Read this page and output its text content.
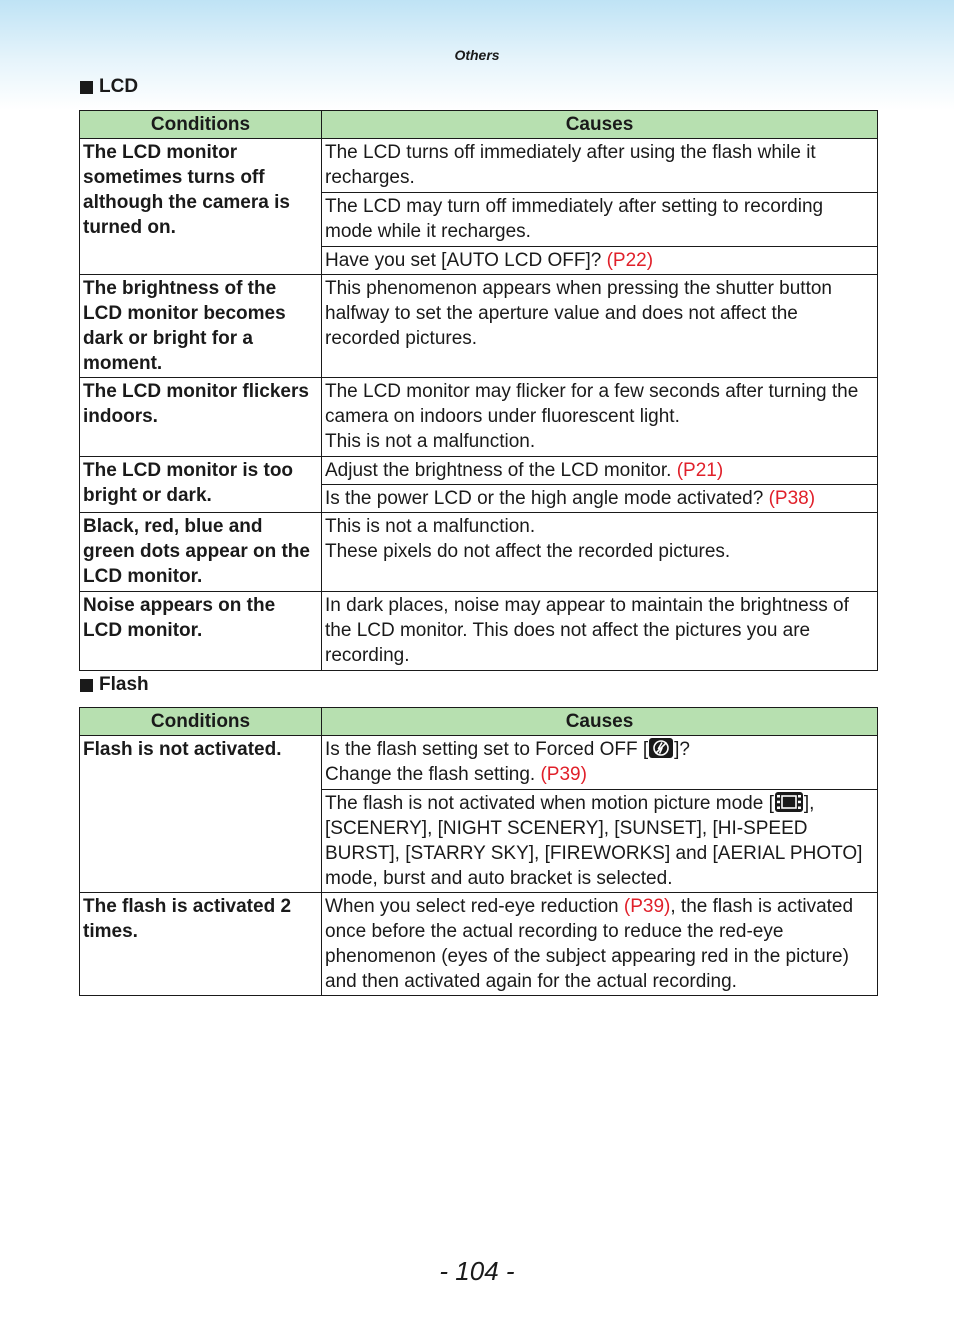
Others
LCD
Conditions	Causes
The LCD monitor sometimes turns off although the camera is turned on.	The LCD turns off immediately after using the flash while it recharges.
	The LCD may turn off immediately after setting to recording mode while it recharges.
	Have you set [AUTO LCD OFF]? (P22)
The brightness of the LCD monitor becomes dark or bright for a moment.	This phenomenon appears when pressing the shutter button halfway to set the aperture value and does not affect the recorded pictures.
The LCD monitor flickers indoors.	The LCD monitor may flicker for a few seconds after turning the camera on indoors under fluorescent light.
This is not a malfunction.

The LCD monitor is too bright or dark.	Adjust the brightness of the LCD monitor. (P21)
	Is the power LCD or the high angle mode activated? (P38)
Black, red, blue and green dots appear on the LCD monitor.	This is not a malfunction.
These pixels do not affect the recorded pictures.

Noise appears on the LCD monitor.	In dark places, noise may appear to maintain the brightness of the LCD monitor. This does not affect the pictures you are recording.
Flash
Conditions	Causes
Flash is not activated.	Is the flash setting set to Forced OFF [ ]?
Change the flash setting. (P39)

	The flash is not activated when motion picture mode [ ], [SCENERY], [NIGHT SCENERY], [SUNSET], [HI-SPEED BURST], [STARRY SKY], [FIREWORKS] and [AERIAL PHOTO] mode, burst and auto bracket is selected.
The flash is activated 2 times.	When you select red-eye reduction (P39), the flash is activated once before the actual recording to reduce the red-eye phenomenon (eyes of the subject appearing red in the picture) and then activated again for the actual recording.
- 104 -
